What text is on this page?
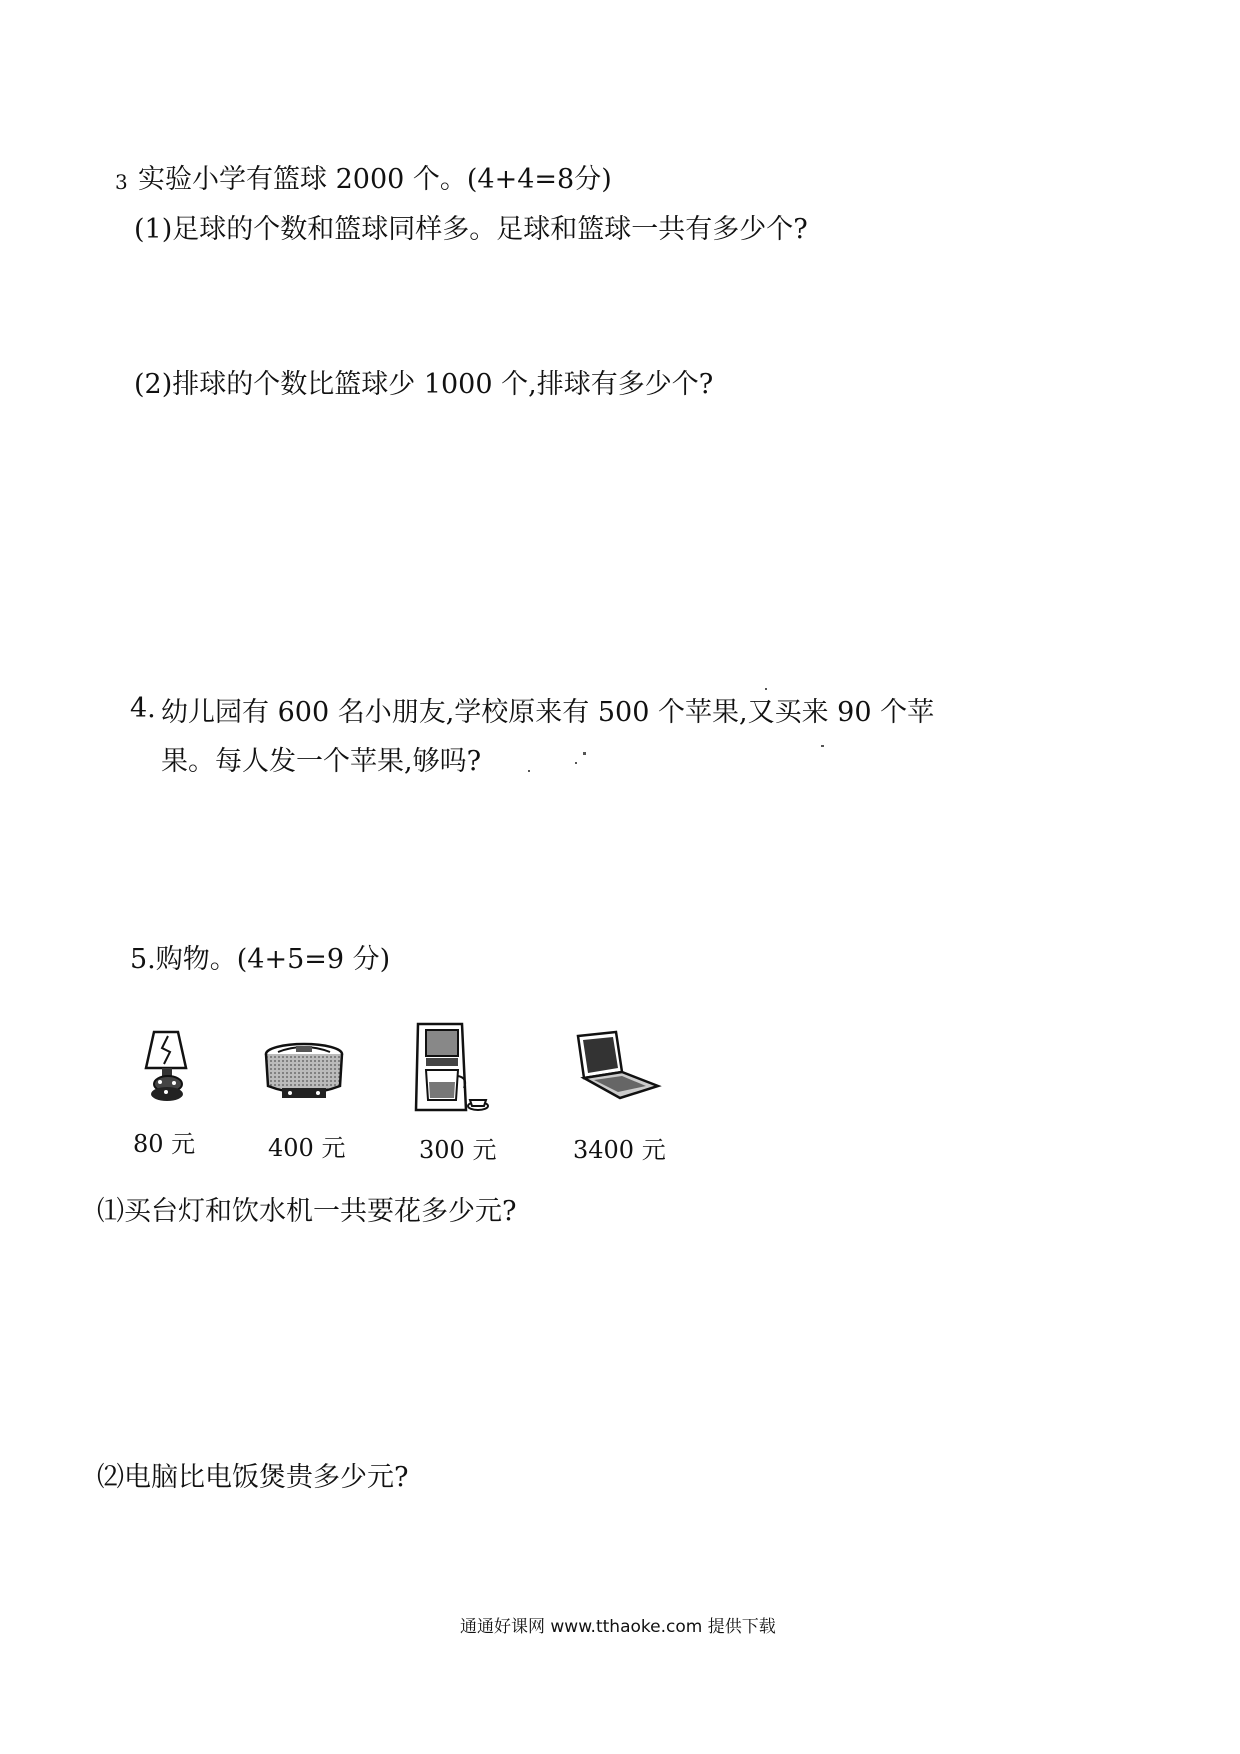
3 实验小学有篮球 2000 个。(4+4=8分)
(1)足球的个数和篮球同样多。足球和篮球一共有多少个?
(2)排球的个数比篮球少 1000 个,排球有多少个?
4. 幼儿园有 600 名小朋友,学校原来有 500 个苹果,又买来 90 个苹
果。每人发一个苹果,够吗?
5.购物。(4+5=9 分)
80 元	400 元	300 元	3400 元
⑴买台灯和饮水机一共要花多少元?
⑵电脑比电饭煲贵多少元?
通通好课网 www.tthaoke.com 提供下载
